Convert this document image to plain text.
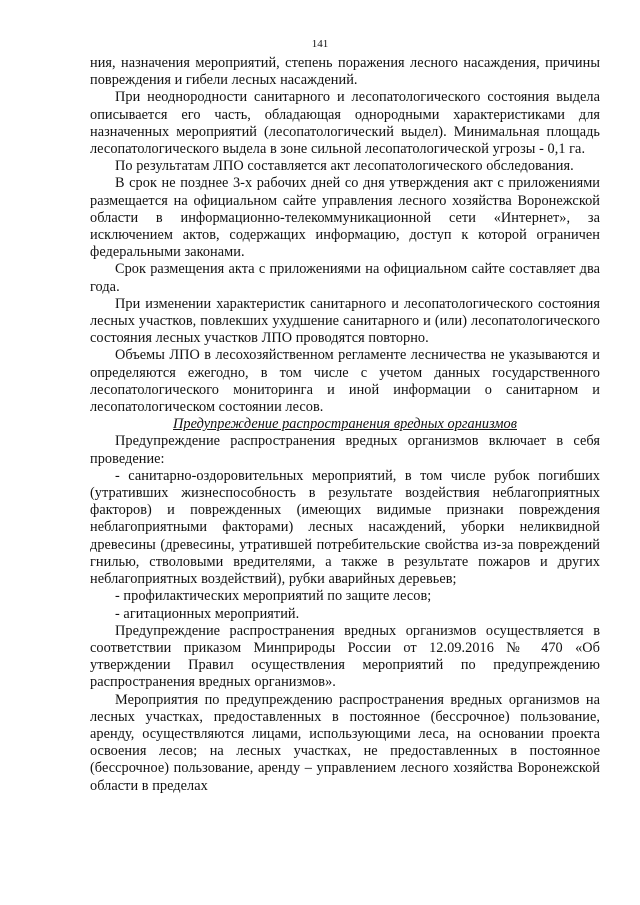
141

ния, назначения мероприятий, степень поражения лесного насаждения, причины повреждения и гибели лесных насаждений.

При неоднородности санитарного и лесопатологического состояния выдела описывается его часть, обладающая однородными характеристиками для назначенных мероприятий (лесопатологический выдел). Минимальная площадь лесопатологического выдела в зоне сильной лесопатологической угрозы - 0,1 га.

По результатам ЛПО составляется акт лесопатологического обследования.

В срок не позднее 3-х рабочих дней со дня утверждения акт с приложениями размещается на официальном сайте управления лесного хозяйства Воронежской области в информационно-телекоммуникационной сети «Интернет», за исключением актов, содержащих информацию, доступ к которой ограничен федеральными законами.

Срок размещения акта с приложениями на официальном сайте составляет два года.

При изменении характеристик санитарного и лесопатологического состояния лесных участков, повлекших ухудшение санитарного и (или) лесопатологического состояния лесных участков ЛПО проводятся повторно.

Объемы ЛПО в лесохозяйственном регламенте лесничества не указываются и определяются ежегодно, в том числе с учетом данных государственного лесопатологического мониторинга и иной информации о санитарном и лесопатологическом состоянии лесов.

Предупреждение распространения вредных организмов

Предупреждение распространения вредных организмов включает в себя проведение:

- санитарно-оздоровительных мероприятий, в том числе рубок погибших (утративших жизнеспособность в результате воздействия неблагоприятных факторов) и поврежденных (имеющих видимые признаки повреждения неблагоприятными факторами) лесных насаждений, уборки неликвидной древесины (древесины, утратившей потребительские свойства из-за повреждений гнилью, стволовыми вредителями, а также в результате пожаров и других неблагоприятных воздействий), рубки аварийных деревьев;

- профилактических мероприятий по защите лесов;

- агитационных мероприятий.

Предупреждение распространения вредных организмов осуществляется в соответствии приказом Минприроды России от 12.09.2016 № 470 «Об утверждении Правил осуществления мероприятий по предупреждению распространения вредных организмов».

Мероприятия по предупреждению распространения вредных организмов на лесных участках, предоставленных в постоянное (бессрочное) пользование, аренду, осуществляются лицами, использующими леса, на основании проекта освоения лесов; на лесных участках, не предоставленных в постоянное (бессрочное) пользование, аренду – управлением лесного хозяйства Воронежской области в пределах
